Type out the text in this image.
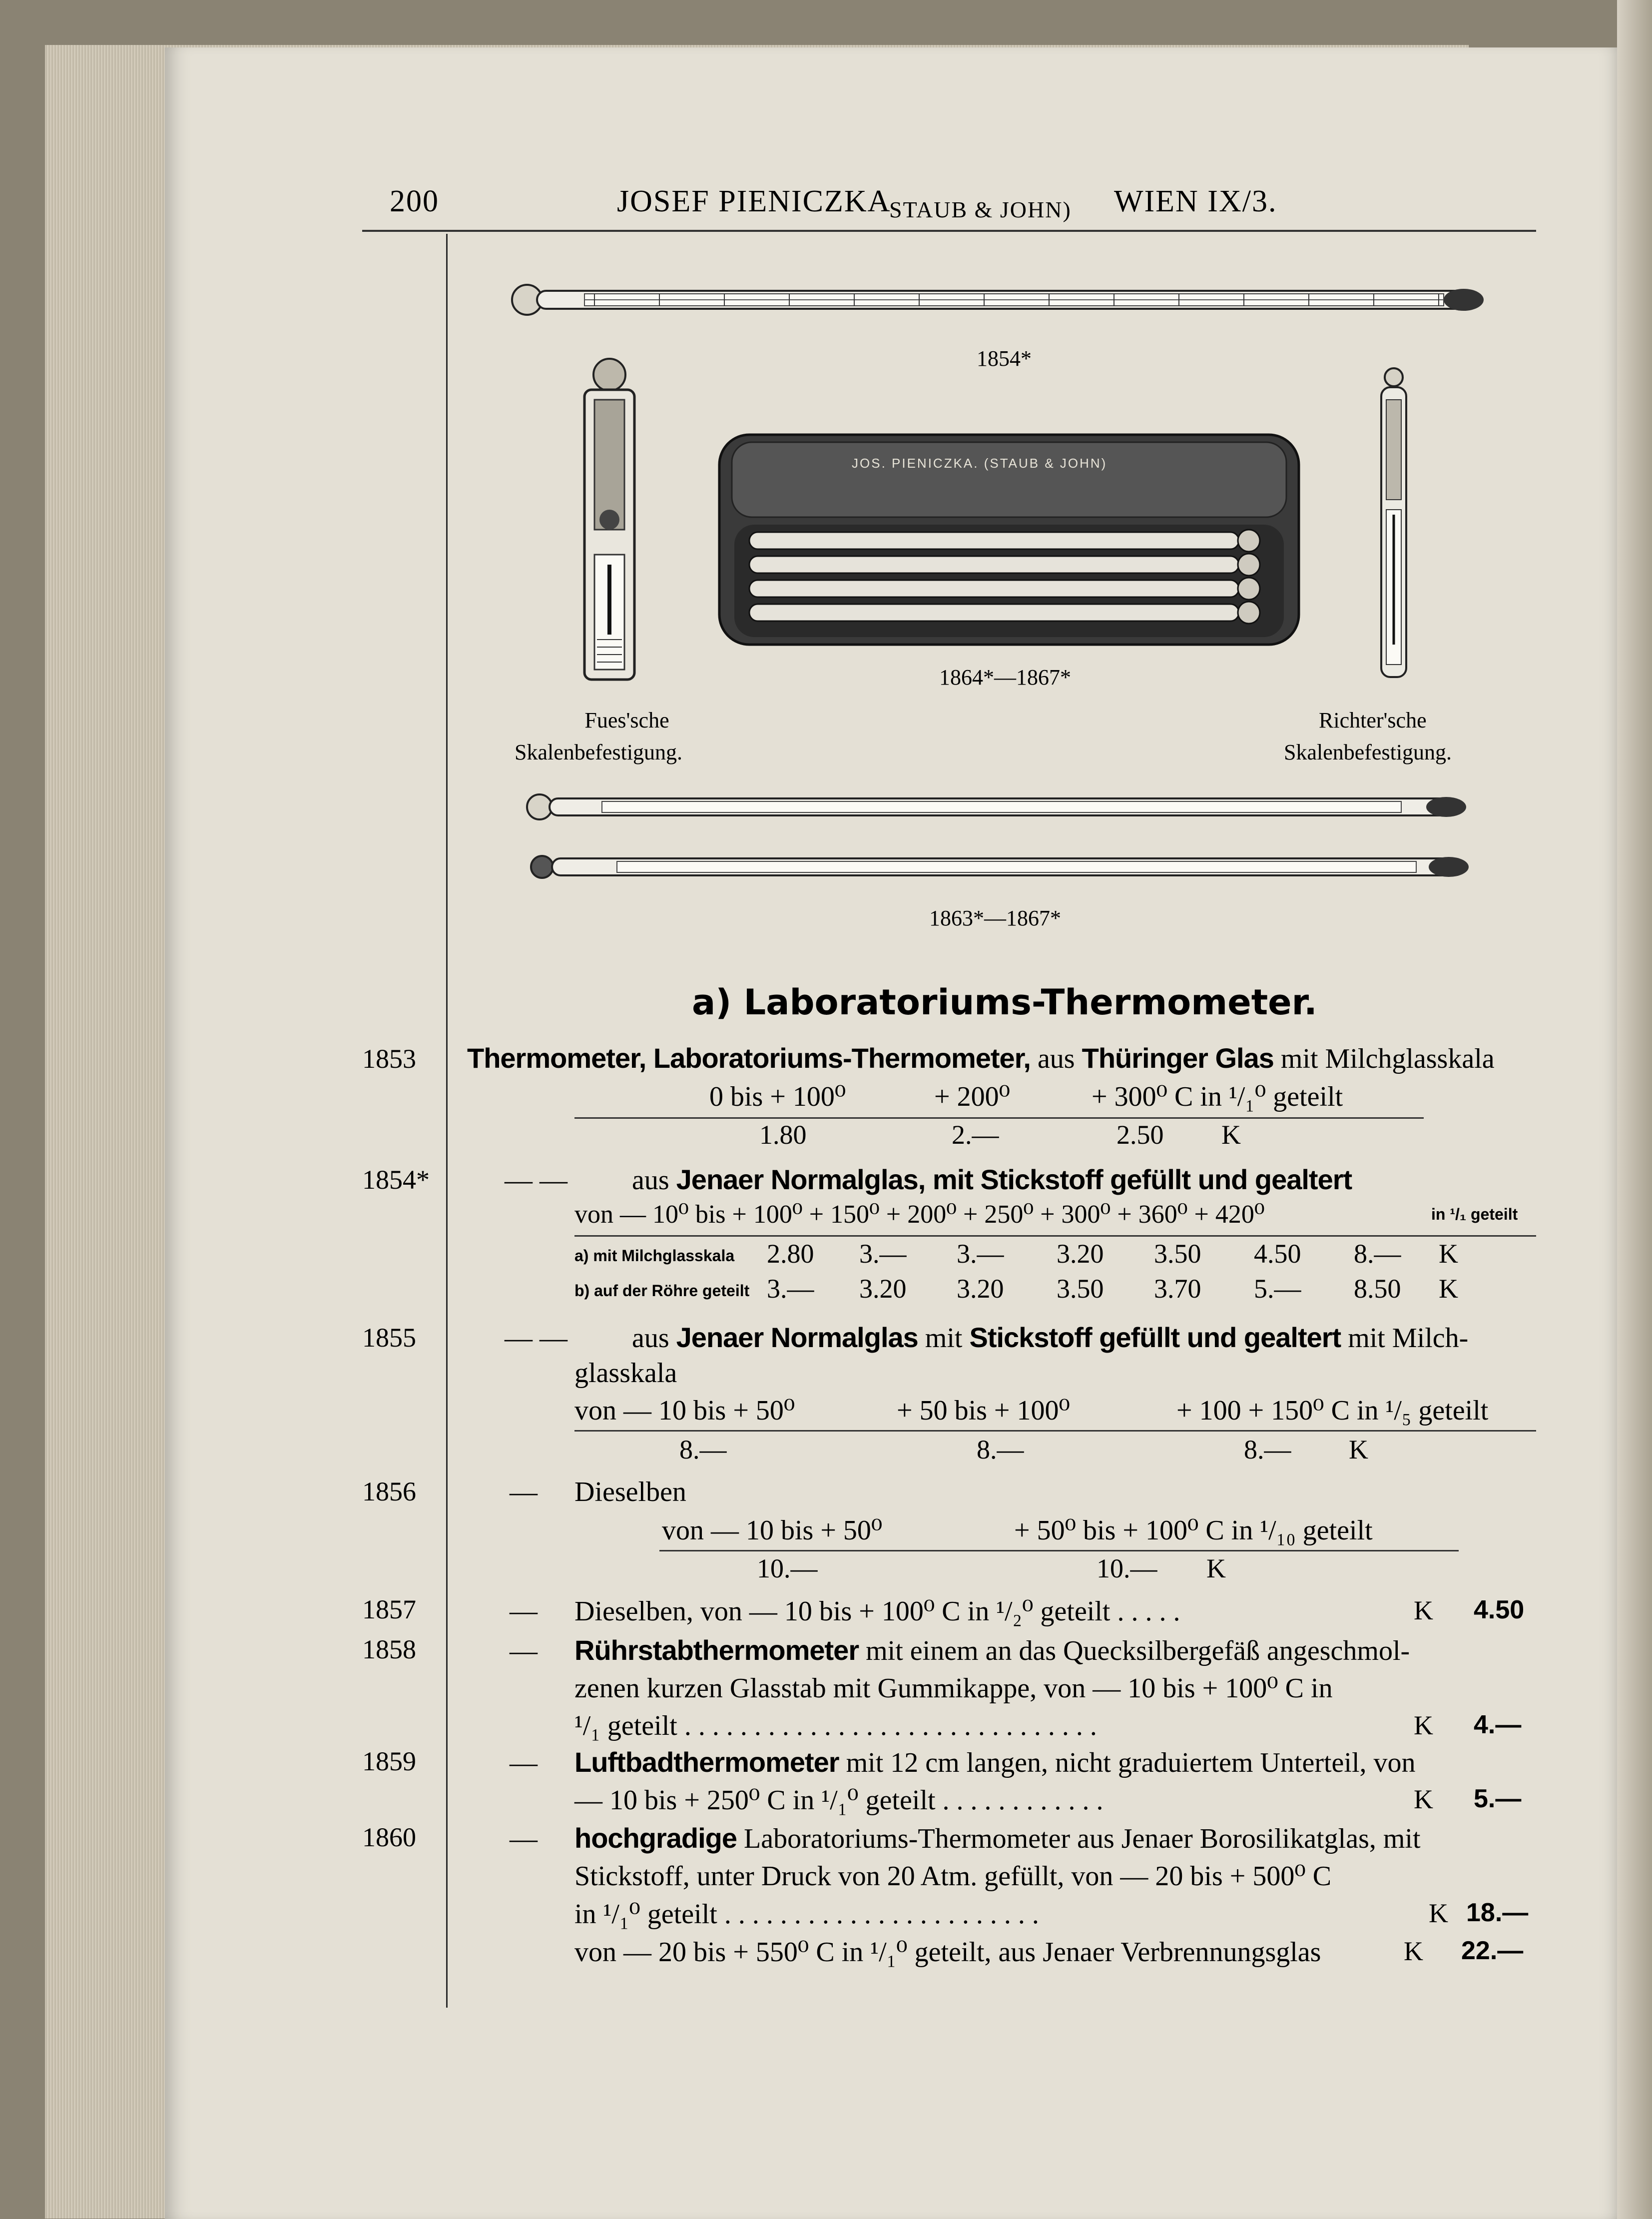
200	JOSEF PIENICZKA
STAUB & JOHN) WIEN IX/3.
1854*
JOS. PIENICZKA. (STAUB & JOHN)
1864*—1867*
Fues'sche
Skalenbefestigung.
Richter'sche
Skalenbefestigung.
1863*—1867*
a) Laboratoriums-Thermometer.
1853 Thermometer, Laboratoriums-Thermometer, aus Thüringer Glas mit Milchglasskala
0 bis + 100⁰	+ 200⁰	+ 300⁰ C in ¹/₁⁰ geteilt
1.80	2.—	2.50 K
1854*	— — aus Jenaer Normalglas, mit Stickstoff gefüllt und gealtert
von — 10⁰ bis + 100⁰ + 150⁰ + 200⁰ + 250⁰ + 300⁰ + 360⁰ + 420⁰	in ¹/₁ geteilt
a) mit Milchglasskala 2.80 3.— 3.— 3.20 3.50 4.50 8.— K
b) auf der Röhre geteilt 3.— 3.20 3.20 3.50 3.70 5.— 8.50 K
1855	— — aus Jenaer Normalglas mit Stickstoff gefüllt und gealtert mit Milch-
glasskala
von — 10 bis + 50⁰	+ 50 bis + 100⁰	+ 100 + 150⁰ C in ¹/₅ geteilt
8.—	8.—	8.— K
1856	— Dieselben
von — 10 bis + 50⁰	+ 50⁰ bis + 100⁰ C in ¹/₁₀ geteilt
10.—	10.— K
1857	— Dieselben, von — 10 bis + 100⁰ C in ¹/₂⁰ geteilt . . . . .	K 4.50
1858	— Rührstabthermometer mit einem an das Quecksilbergefäß angeschmol-
zenen kurzen Glasstab mit Gummikappe, von — 10 bis + 100⁰ C in
¹/₁ geteilt . . . . . . . . . . . . . . . . . . . . . . . . . . . . . .	K 4.—
1859	— Luftbadthermometer mit 12 cm langen, nicht graduiertem Unterteil, von
— 10 bis + 250⁰ C in ¹/₁⁰ geteilt . . . . . . . . . . . .	K 5.—
1860	— hochgradige Laboratoriums-Thermometer aus Jenaer Borosilikatglas, mit
Stickstoff, unter Druck von 20 Atm. gefüllt, von — 20 bis + 500⁰ C
in ¹/₁⁰ geteilt . . . . . . . . . . . . . . . . . . . . . . .	K 18.—
von — 20 bis + 550⁰ C in ¹/₁⁰ geteilt, aus Jenaer Verbrennungsglas	K 22.—
